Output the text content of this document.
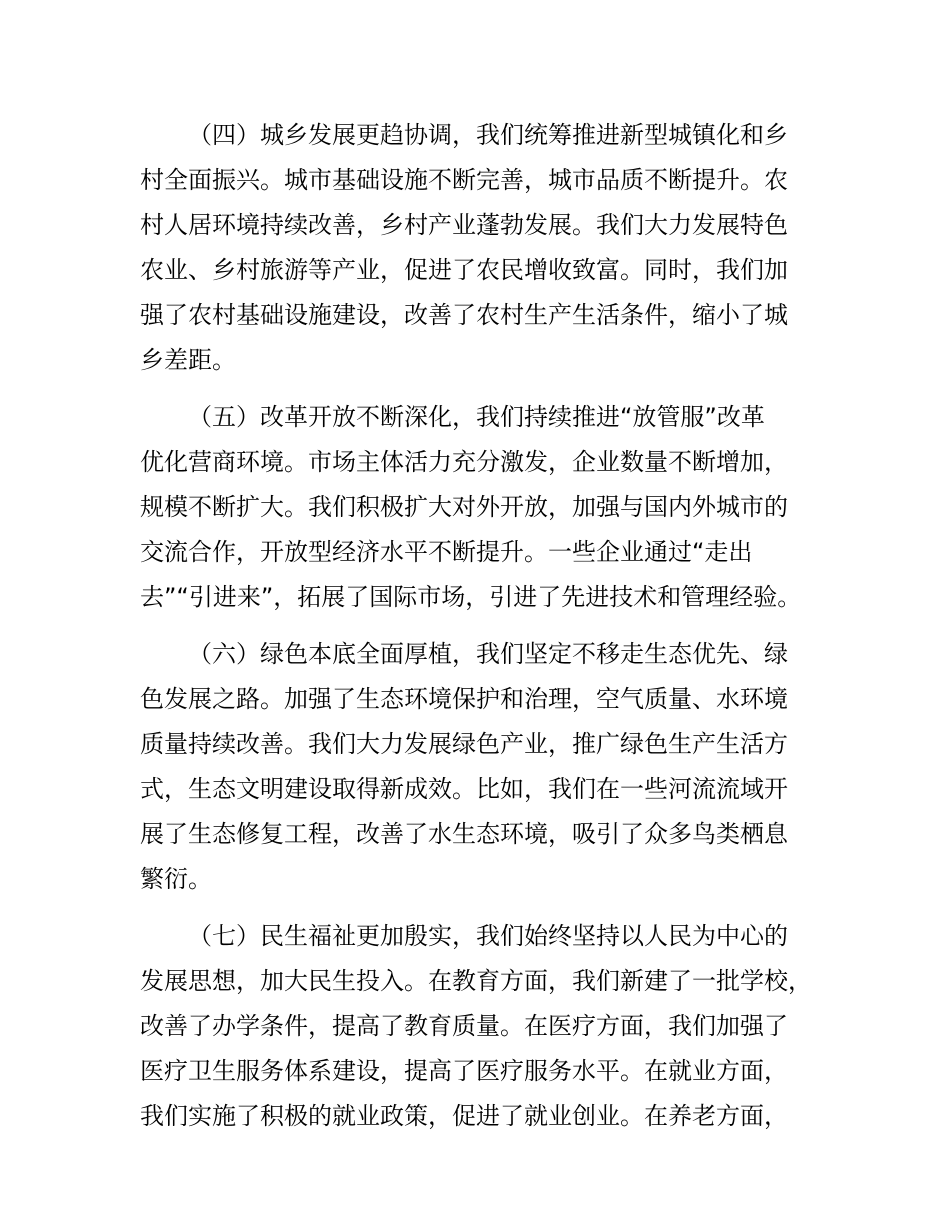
（四）城乡发展更趋协调，我们统筹推进新型城镇化和乡
村全面振兴。城市基础设施不断完善，城市品质不断提升。农
村人居环境持续改善，乡村产业蓬勃发展。我们大力发展特色
农业、乡村旅游等产业，促进了农民增收致富。同时，我们加
强了农村基础设施建设，改善了农村生产生活条件，缩小了城
乡差距。
（五）改革开放不断深化，我们持续推进“放管服”改革
优化营商环境。市场主体活力充分激发，企业数量不断增加，
规模不断扩大。我们积极扩大对外开放，加强与国内外城市的
交流合作，开放型经济水平不断提升。一些企业通过“走出
去”“引进来”，拓展了国际市场，引进了先进技术和管理经验。
（六）绿色本底全面厚植，我们坚定不移走生态优先、绿
色发展之路。加强了生态环境保护和治理，空气质量、水环境
质量持续改善。我们大力发展绿色产业，推广绿色生产生活方
式，生态文明建设取得新成效。比如，我们在一些河流流域开
展了生态修复工程，改善了水生态环境，吸引了众多鸟类栖息
繁衍。
（七）民生福祉更加殷实，我们始终坚持以人民为中心的
发展思想，加大民生投入。在教育方面，我们新建了一批学校，
改善了办学条件，提高了教育质量。在医疗方面，我们加强了
医疗卫生服务体系建设，提高了医疗服务水平。在就业方面，
我们实施了积极的就业政策，促进了就业创业。在养老方面，
